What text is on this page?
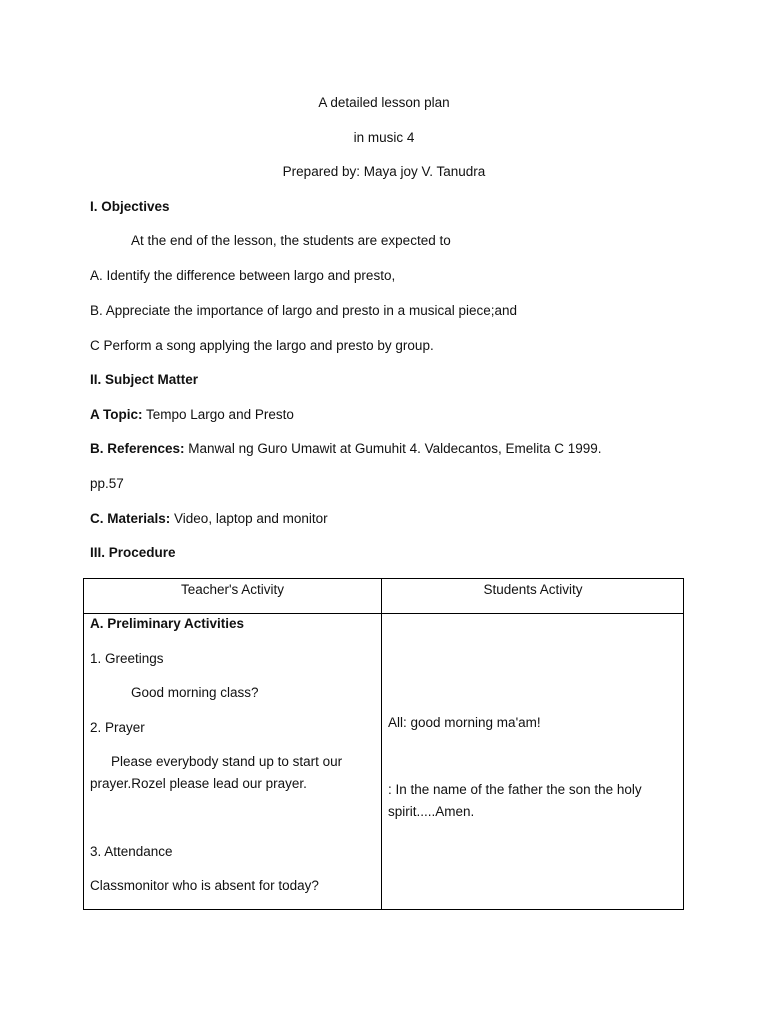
A detailed lesson plan
in music 4
Prepared by: Maya joy V. Tanudra
I. Objectives
At the end of the lesson, the students are expected to
A. Identify the difference between largo and presto,
B. Appreciate the importance of largo and presto in a musical piece;and
C Perform a song applying the largo and presto by group.
II. Subject Matter
A Topic: Tempo Largo and Presto
B. References: Manwal ng Guro Umawit at Gumuhit 4. Valdecantos, Emelita C 1999.
pp.57
C. Materials: Video, laptop and monitor
III. Procedure
Teacher's Activity	Students Activity
A. Preliminary Activities
1. Greetings
Good morning class?
2. Prayer
Please everybody stand up to start our
prayer.Rozel please lead our prayer.
3. Attendance
Classmonitor who is absent for today?
All: good morning ma'am!
: In the name of the father the son the holy
spirit.....Amen.
